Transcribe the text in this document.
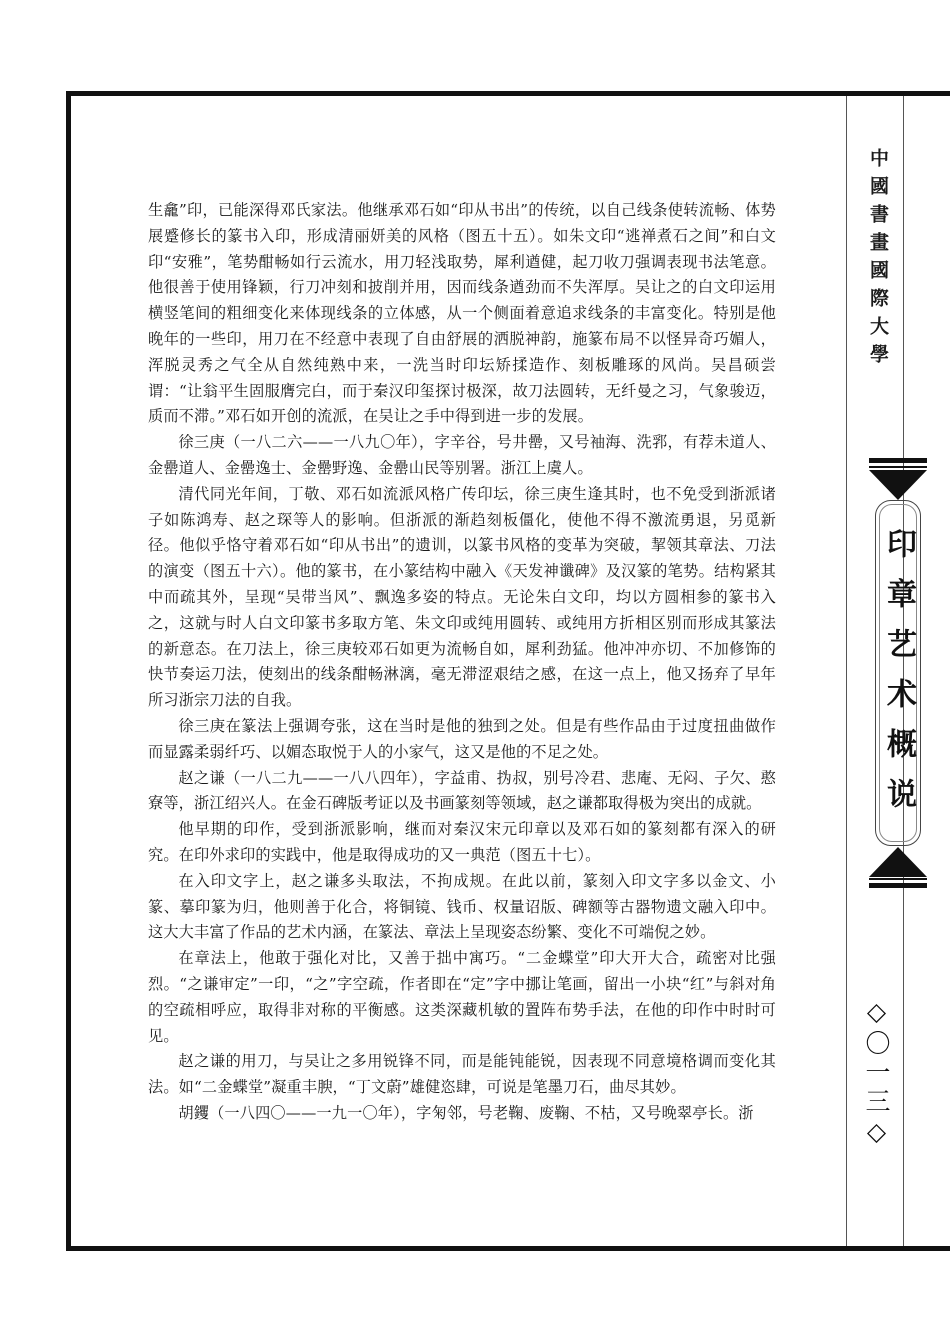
中國書畫國際大學
印章艺术概说
◇〇一三◇

生龕”印，已能深得邓氏家法。他继承邓石如“印从书出”的传统，以自己线条使转流畅、体势展蹙修长的篆书入印，形成清丽妍美的风格（图五十五）。如朱文印“逃禅煮石之间”和白文印“安雅”，笔势酣畅如行云流水，用刀轻浅取势，犀利遒健，起刀收刀强调表现书法笔意。他很善于使用锋颖，行刀冲刻和披削并用，因而线条遒劲而不失浑厚。吴让之的白文印运用横竖笔间的粗细变化来体现线条的立体感，从一个侧面着意追求线条的丰富变化。特别是他晚年的一些印，用刀在不经意中表现了自由舒展的洒脱神韵，施篆布局不以怪异奇巧媚人，浑脱灵秀之气全从自然纯熟中来，一洗当时印坛矫揉造作、刻板雕琢的风尚。吴昌硕尝谓：“让翁平生固服膺完白，而于秦汉印玺探讨极深，故刀法圆转，无纤曼之习，气象骏迈，质而不滞。”邓石如开创的流派，在吴让之手中得到进一步的发展。

徐三庚（一八二六——一八九〇年），字辛谷，号井罍，又号袖海、洗郛，有荐未道人、金罍道人、金罍逸士、金罍野逸、金罍山民等别署。浙江上虞人。

清代同光年间，丁敬、邓石如流派风格广传印坛，徐三庚生逢其时，也不免受到浙派诸子如陈鸿寿、赵之琛等人的影响。但浙派的渐趋刻板僵化，使他不得不激流勇退，另觅新径。他似乎恪守着邓石如“印从书出”的遗训，以篆书风格的变革为突破，挈领其章法、刀法的演变（图五十六）。他的篆书，在小篆结构中融入《天发神谶碑》及汉篆的笔势。结构紧其中而疏其外，呈现“吴带当风”、飘逸多姿的特点。无论朱白文印，均以方圆相参的篆书入之，这就与时人白文印篆书多取方笔、朱文印或纯用圆转、或纯用方折相区别而形成其篆法的新意态。在刀法上，徐三庚较邓石如更为流畅自如，犀利劲猛。他冲冲亦切、不加修饰的快节奏运刀法，使刻出的线条酣畅淋漓，毫无滞涩艰结之感，在这一点上，他又扬弃了早年所习浙宗刀法的自我。

徐三庚在篆法上强调夸张，这在当时是他的独到之处。但是有些作品由于过度扭曲做作而显露柔弱纤巧、以媚态取悦于人的小家气，这又是他的不足之处。

赵之谦（一八二九——一八八四年），字益甫、㧑叔，别号冷君、悲庵、无闷、子欠、憨寮等，浙江绍兴人。在金石碑版考证以及书画篆刻等领域，赵之谦都取得极为突出的成就。

他早期的印作，受到浙派影响，继而对秦汉宋元印章以及邓石如的篆刻都有深入的研究。在印外求印的实践中，他是取得成功的又一典范（图五十七）。

在入印文字上，赵之谦多头取法，不拘成规。在此以前，篆刻入印文字多以金文、小篆、摹印篆为归，他则善于化合，将铜镜、钱币、权量诏版、碑额等古器物遗文融入印中。这大大丰富了作品的艺术内涵，在篆法、章法上呈现姿态纷繁、变化不可端倪之妙。

在章法上，他敢于强化对比，又善于拙中寓巧。“二金蝶堂”印大开大合，疏密对比强烈。“之谦审定”一印，“之”字空疏，作者即在“定”字中挪让笔画，留出一小块“红”与斜对角的空疏相呼应，取得非对称的平衡感。这类深藏机敏的置阵布势手法，在他的印作中时时可见。

赵之谦的用刀，与吴让之多用锐锋不同，而是能钝能锐，因表现不同意境格调而变化其法。如“二金蝶堂”凝重丰腴，“丁文蔚”雄健恣肆，可说是笔墨刀石，曲尽其妙。

胡钁（一八四〇——一九一〇年），字匊邻，号老鞠、废鞠、不枯，又号晚翠亭长。浙
